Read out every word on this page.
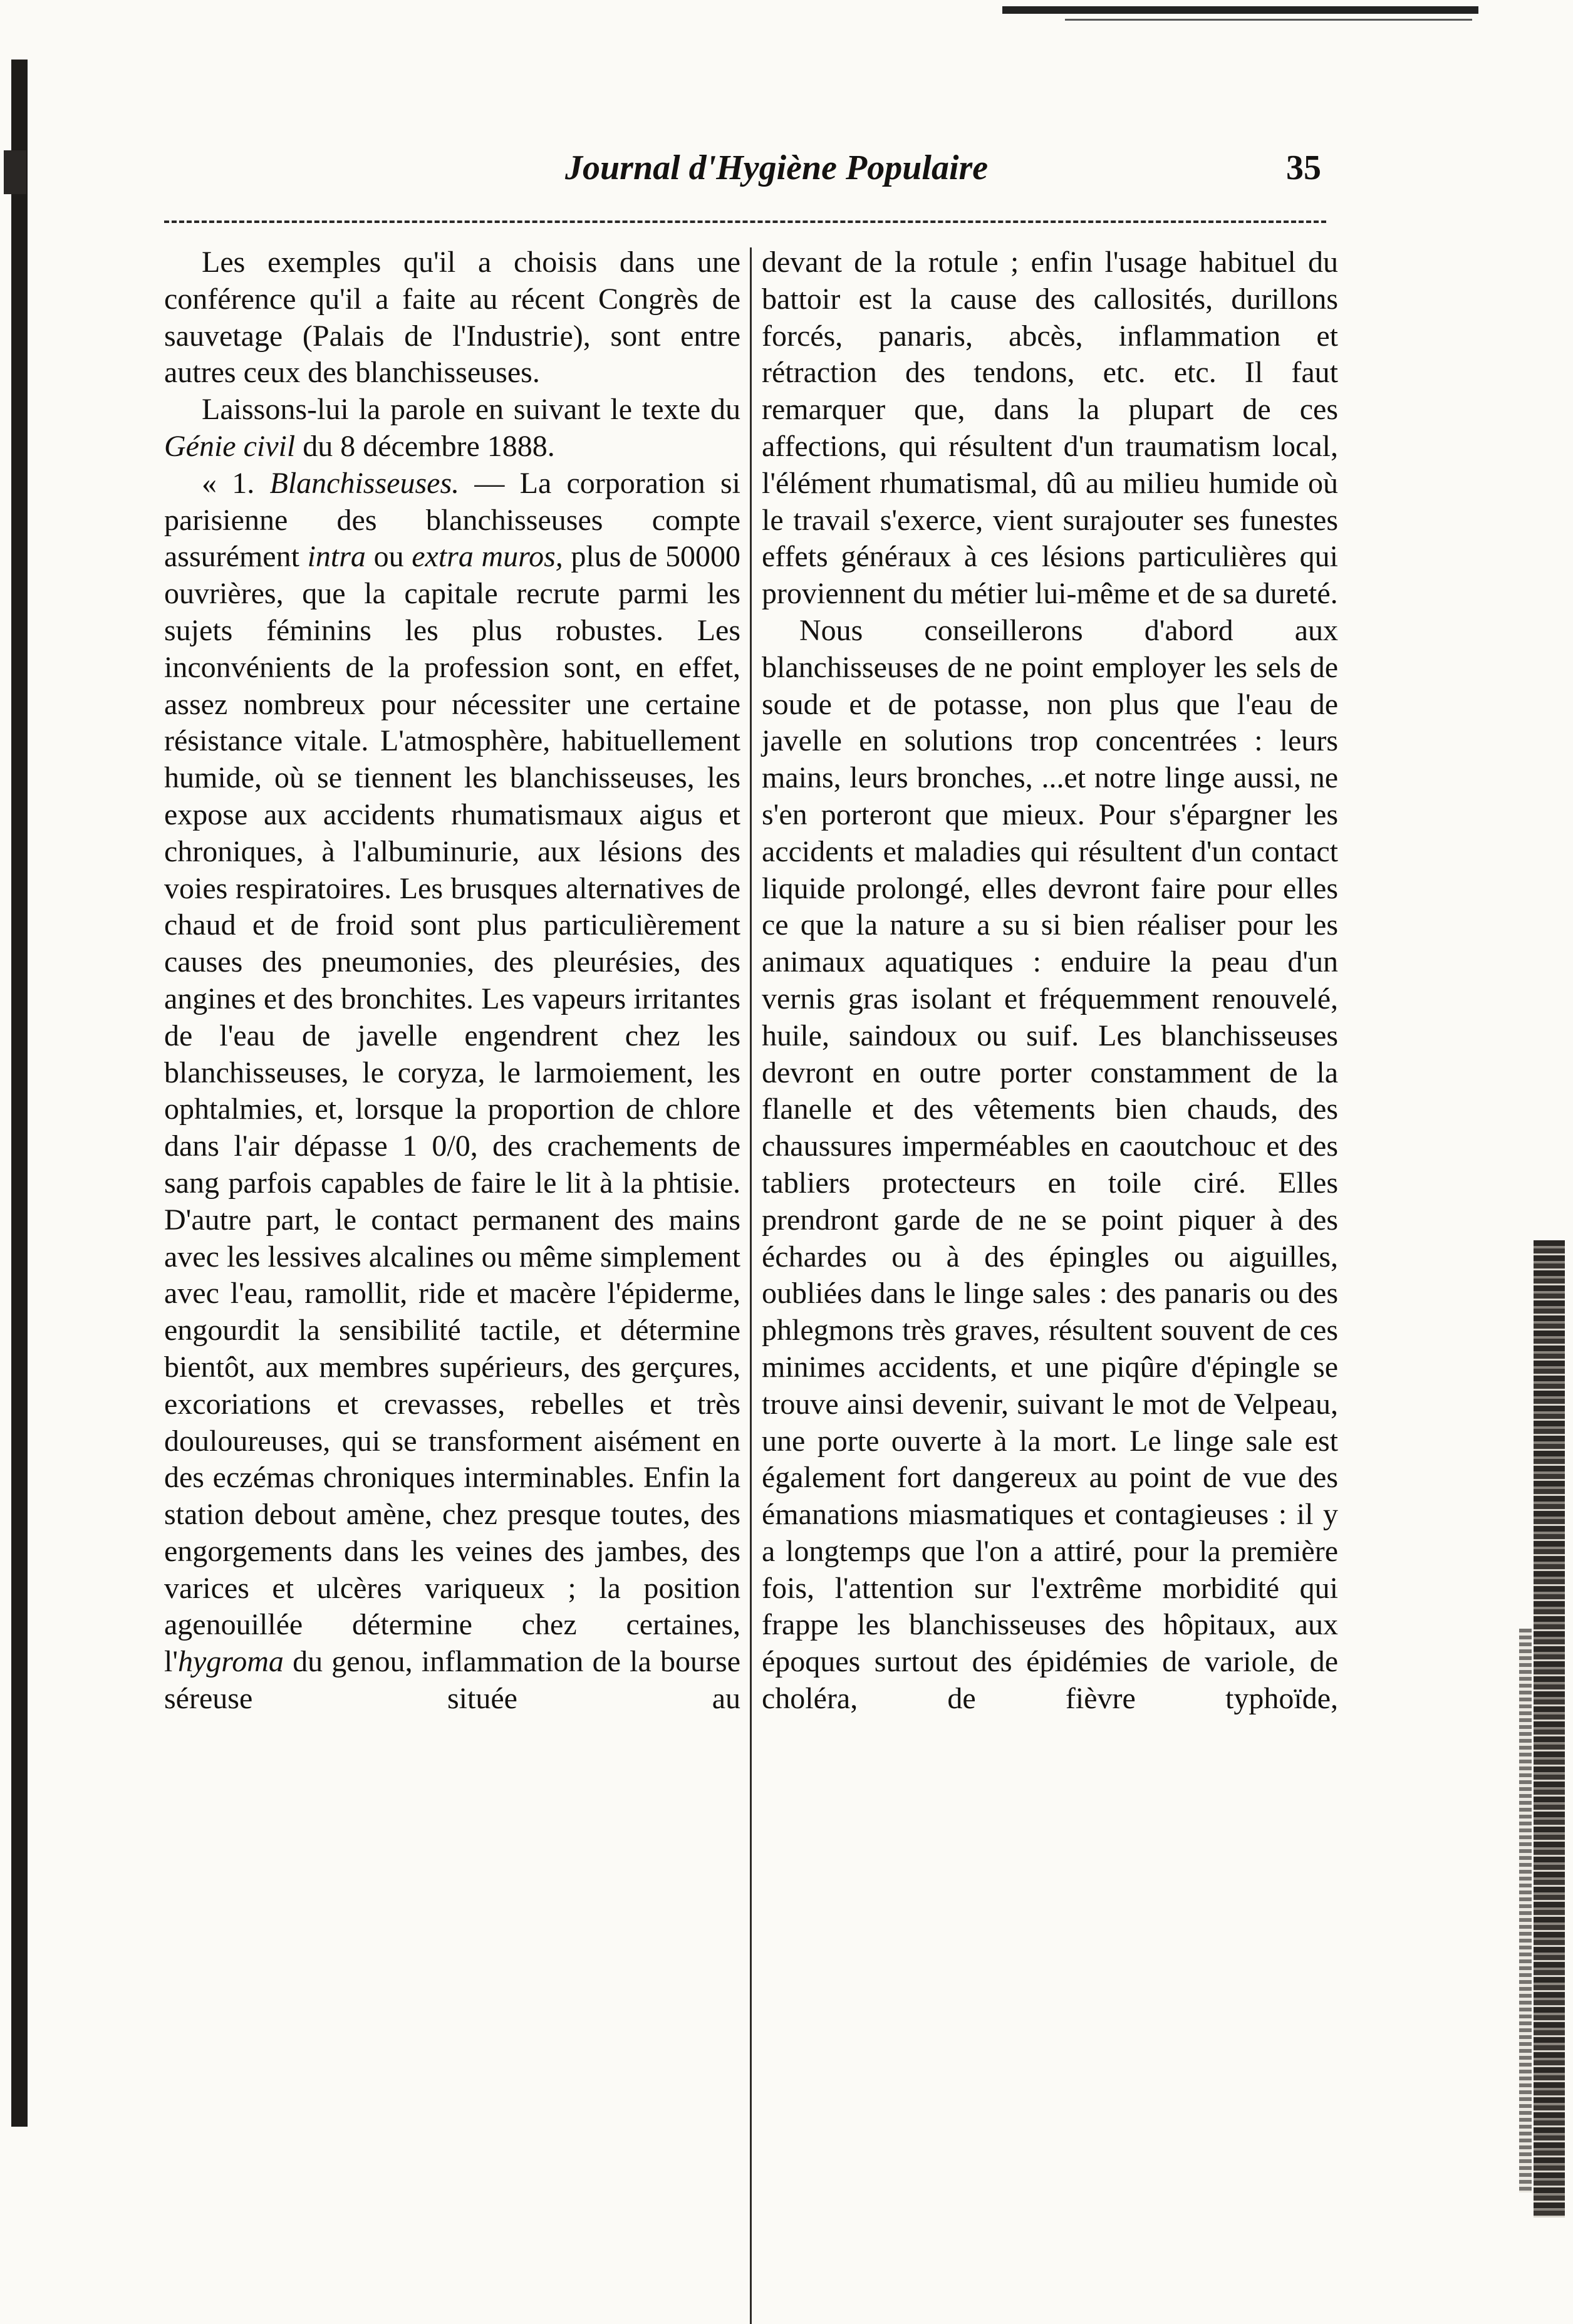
Journal d'Hygiène Populaire	35

Les exemples qu'il a choisis dans une conférence qu'il a faite au récent Congrès de sauvetage (Palais de l'Industrie), sont entre autres ceux des blanchisseuses.

Laissons-lui la parole en suivant le texte du Génie civil du 8 décembre 1888.

« 1. Blanchisseuses. — La corporation si parisienne des blanchisseuses compte assurément intra ou extra muros, plus de 50000 ouvrières, que la capitale recrute parmi les sujets féminins les plus robustes. Les inconvénients de la profession sont, en effet, assez nombreux pour nécessiter une certaine résistance vitale. L'atmosphère, habituellement humide, où se tiennent les blanchisseuses, les expose aux accidents rhumatismaux aigus et chroniques, à l'albuminurie, aux lésions des voies respiratoires. Les brusques alternatives de chaud et de froid sont plus particulièrement causes des pneumonies, des pleurésies, des angines et des bronchites. Les vapeurs irritantes de l'eau de javelle engendrent chez les blanchisseuses, le coryza, le larmoiement, les ophtalmies, et, lorsque la proportion de chlore dans l'air dépasse 1 0/0, des crachements de sang parfois capables de faire le lit à la phtisie. D'autre part, le contact permanent des mains avec les lessives alcalines ou même simplement avec l'eau, ramollit, ride et macère l'épiderme, engourdit la sensibilité tactile, et détermine bientôt, aux membres supérieurs, des gerçures, excoriations et crevasses, rebelles et très douloureuses, qui se transforment aisément en des eczémas chroniques interminables. Enfin la station debout amène, chez presque toutes, des engorgements dans les veines des jambes, des varices et ulcères variqueux ; la position agenouillée détermine chez certaines, l'hygroma du genou, inflammation de la bourse séreuse située au

devant de la rotule ; enfin l'usage habituel du battoir est la cause des callosités, durillons forcés, panaris, abcès, inflammation et rétraction des tendons, etc. etc. Il faut remarquer que, dans la plupart de ces affections, qui résultent d'un traumatism local, l'élément rhumatismal, dû au milieu humide où le travail s'exerce, vient surajouter ses funestes effets généraux à ces lésions particulières qui proviennent du métier lui-même et de sa dureté.

Nous conseillerons d'abord aux blanchisseuses de ne point employer les sels de soude et de potasse, non plus que l'eau de javelle en solutions trop concentrées : leurs mains, leurs bronches, ...et notre linge aussi, ne s'en porteront que mieux. Pour s'épargner les accidents et maladies qui résultent d'un contact liquide prolongé, elles devront faire pour elles ce que la nature a su si bien réaliser pour les animaux aquatiques : enduire la peau d'un vernis gras isolant et fréquemment renouvelé, huile, saindoux ou suif. Les blanchisseuses devront en outre porter constamment de la flanelle et des vêtements bien chauds, des chaussures imperméables en caoutchouc et des tabliers protecteurs en toile ciré. Elles prendront garde de ne se point piquer à des échardes ou à des épingles ou aiguilles, oubliées dans le linge sales : des panaris ou des phlegmons très graves, résultent souvent de ces minimes accidents, et une piqûre d'épingle se trouve ainsi devenir, suivant le mot de Velpeau, une porte ouverte à la mort. Le linge sale est également fort dangereux au point de vue des émanations miasmatiques et contagieuses : il y a longtemps que l'on a attiré, pour la première fois, l'attention sur l'extrême morbidité qui frappe les blanchisseuses des hôpitaux, aux époques surtout des épidémies de variole, de choléra, de fièvre typhoïde,
